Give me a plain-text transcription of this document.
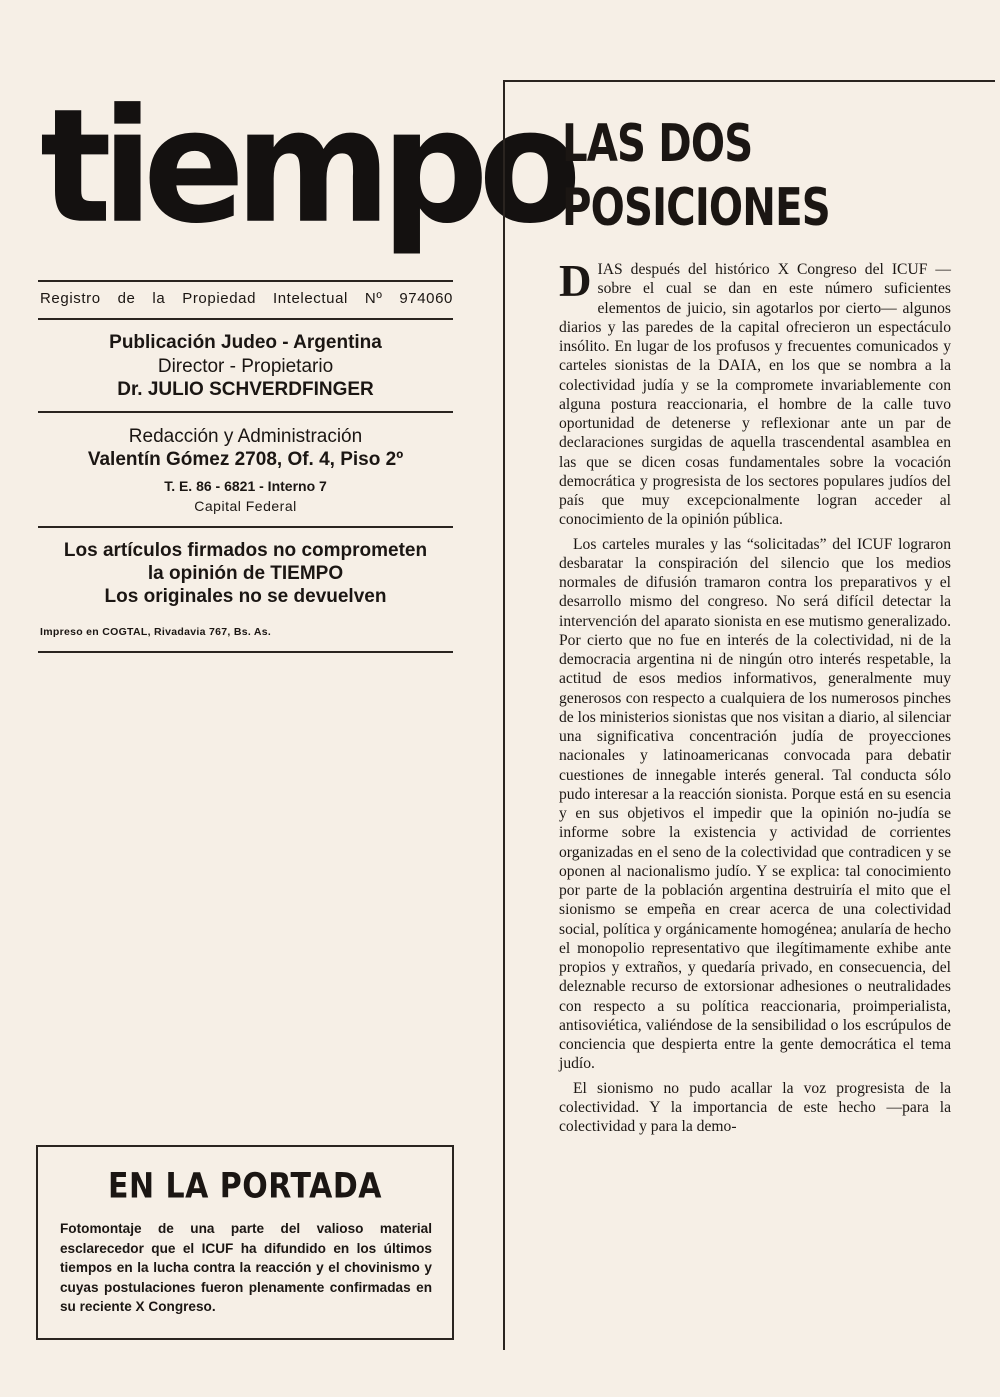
tiempo
Registro de la Propiedad Intelectual Nº 974060
Publicación Judeo - Argentina
Director - Propietario
Dr. JULIO SCHVERDFINGER
Redacción y Administración
Valentín Gómez 2708, Of. 4, Piso 2º
T. E. 86 - 6821 - Interno 7
Capital Federal
Los artículos firmados no comprometen
la opinión de TIEMPO
Los originales no se devuelven
Impreso en COGTAL, Rivadavia 767, Bs. As.
EN LA PORTADA
Fotomontaje de una parte del valioso material esclarecedor que el ICUF ha difundido en los últimos tiempos en la lucha contra la reacción y el chovinismo y cuyas postulaciones fueron plenamente confirmadas en su reciente X Congreso.
LAS DOS
POSICIONES

DIAS después del histórico X Congreso del ICUF —sobre el cual se dan en este número suficientes elementos de juicio, sin agotarlos por cierto— algunos diarios y las paredes de la capital ofrecieron un espectáculo insólito. En lugar de los profusos y frecuentes comunicados y carteles sionistas de la DAIA, en los que se nombra a la colectividad judía y se la compromete invariablemente con alguna postura reaccionaria, el hombre de la calle tuvo oportunidad de detenerse y reflexionar ante un par de declaraciones surgidas de aquella trascendental asamblea en las que se dicen cosas fundamentales sobre la vocación democrática y progresista de los sectores populares judíos del país que muy excepcionalmente logran acceder al conocimiento de la opinión pública.

Los carteles murales y las “solicitadas” del ICUF lograron desbaratar la conspiración del silencio que los medios normales de difusión tramaron contra los preparativos y el desarrollo mismo del congreso. No será difícil detectar la intervención del aparato sionista en ese mutismo generalizado. Por cierto que no fue en interés de la colectividad, ni de la democracia argentina ni de ningún otro interés respetable, la actitud de esos medios informativos, generalmente muy generosos con respecto a cualquiera de los numerosos pinches de los ministerios sionistas que nos visitan a diario, al silenciar una significativa concentración judía de proyecciones nacionales y latinoamericanas convocada para debatir cuestiones de innegable interés general. Tal conducta sólo pudo interesar a la reacción sionista. Porque está en su esencia y en sus objetivos el impedir que la opinión no-judía se informe sobre la existencia y actividad de corrientes organizadas en el seno de la colectividad que contradicen y se oponen al nacionalismo judío. Y se explica: tal conocimiento por parte de la población argentina destruiría el mito que el sionismo se empeña en crear acerca de una colectividad social, política y orgánicamente homogénea; anularía de hecho el monopolio representativo que ilegítimamente exhibe ante propios y extraños, y quedaría privado, en consecuencia, del deleznable recurso de extorsionar adhesiones o neutralidades con respecto a su política reaccionaria, proimperialista, antisoviética, valiéndose de la sensibilidad o los escrúpulos de conciencia que despierta entre la gente democrática el tema judío.

El sionismo no pudo acallar la voz progresista de la colectividad. Y la importancia de este hecho —para la colectividad y para la demo-
